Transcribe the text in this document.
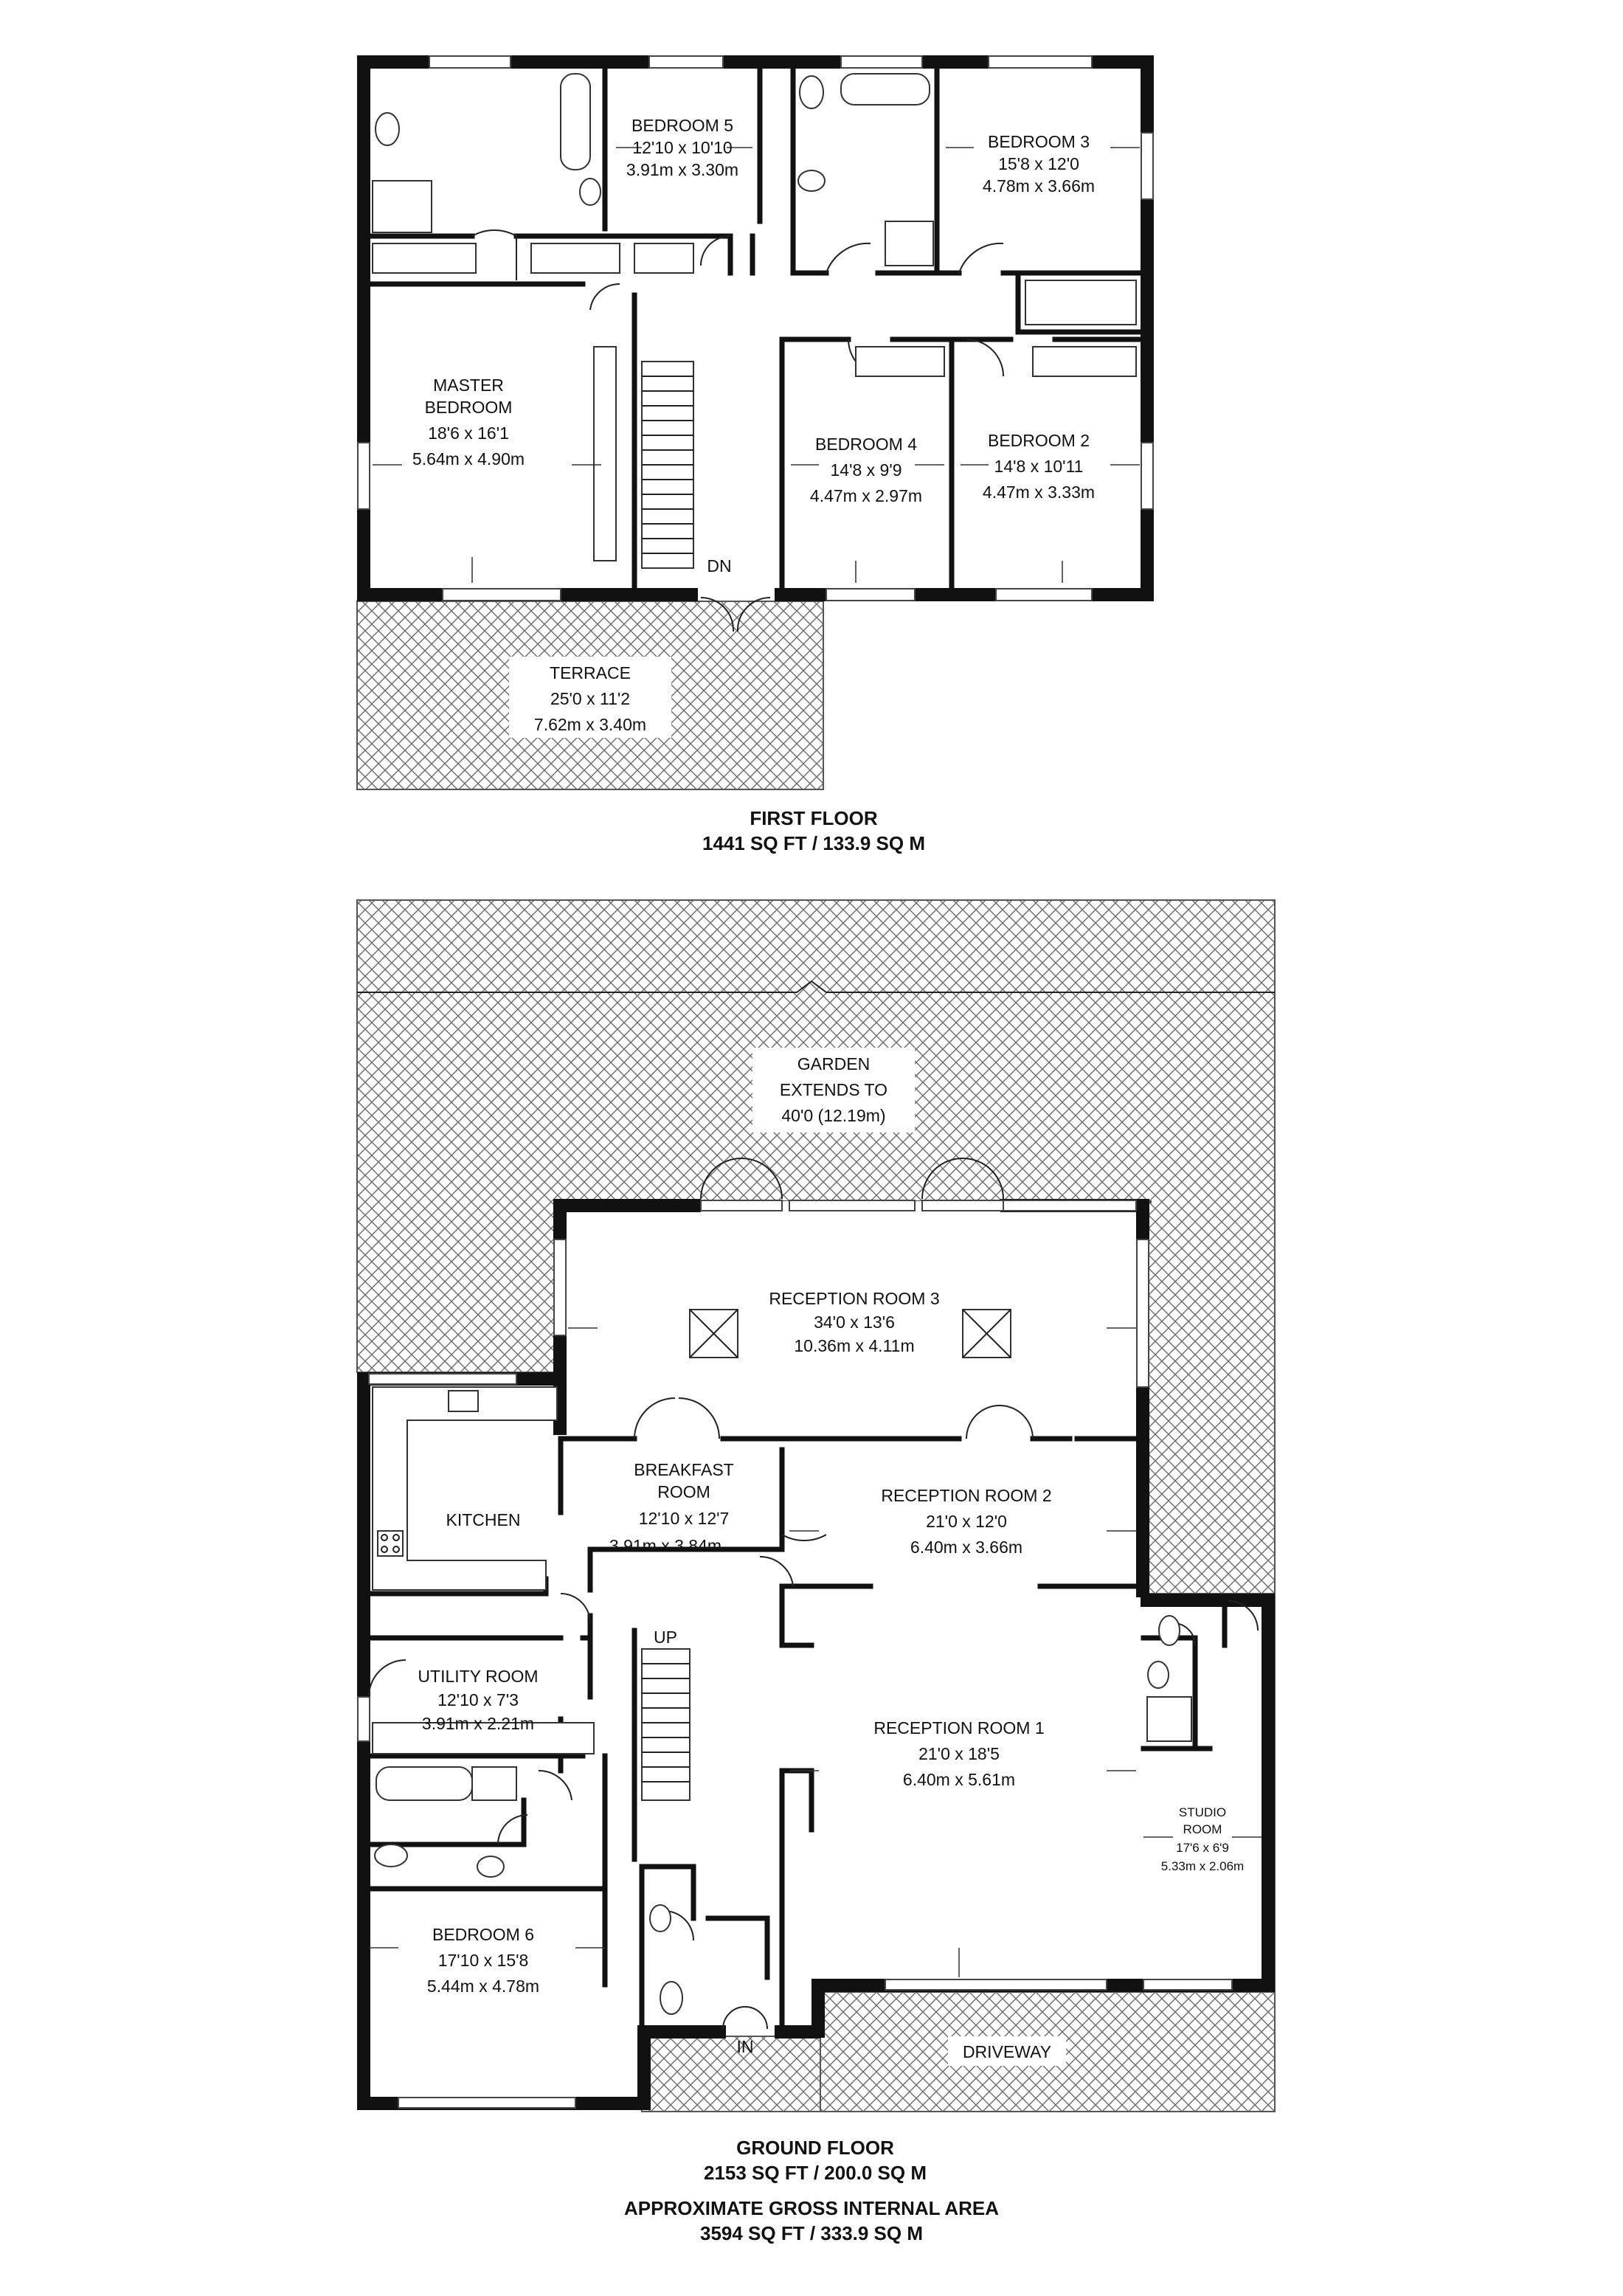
DN
BEDROOM 5
12'10 x 10'10
3.91m x 3.30m
BEDROOM 3
15'8 x 12'0
4.78m x 3.66m
MASTER
BEDROOM
18'6 x 16'1
5.64m x 4.90m
BEDROOM 4
14'8 x 9'9
4.47m x 2.97m
BEDROOM 2
14'8 x 10'11
4.47m x 3.33m
TERRACE
25'0 x 11'2
7.62m x 3.40m
FIRST FLOOR
1441 SQ FT / 133.9 SQ M
UP
GARDEN
EXTENDS TO
40'0 (12.19m)
RECEPTION ROOM 3
34'0 x 13'6
10.36m x 4.11m
BREAKFAST
ROOM
12'10 x 12'7
3.91m x 3.84m
KITCHEN
RECEPTION ROOM 2
21'0 x 12'0
6.40m x 3.66m
UTILITY ROOM
12'10 x 7'3
3.91m x 2.21m	RECEPTION ROOM 1
21'0 x 18'5
6.40m x 5.61m
STUDIO
ROOM
17'6 x 6'9
5.33m x 2.06m
BEDROOM 6
17'10 x 15'8
5.44m x 4.78m
DRIVEWAY
IN
GROUND FLOOR
2153 SQ FT / 200.0 SQ M
APPROXIMATE GROSS INTERNAL AREA
3594 SQ FT / 333.9 SQ M
